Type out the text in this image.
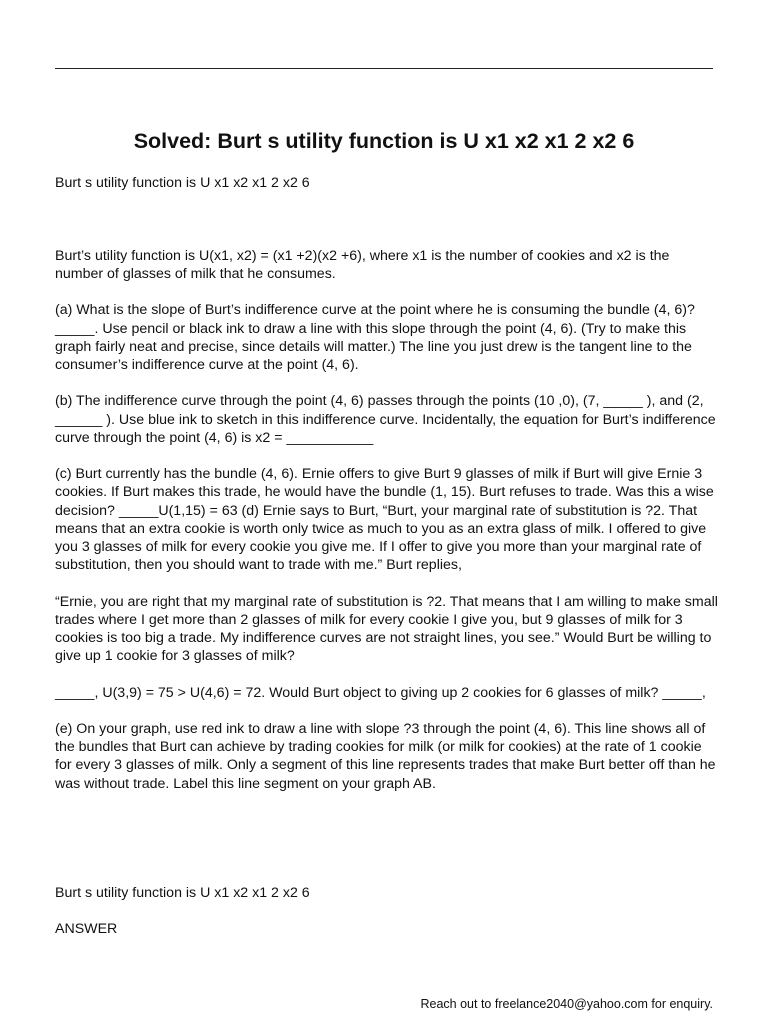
Solved: Burt s utility function is U x1 x2 x1 2 x2 6

Burt s utility function is U x1 x2 x1 2 x2 6

Burt’s utility function is U(x1, x2) = (x1 +2)(x2 +6), where x1 is the number of cookies and x2 is the number of glasses of milk that he consumes.

(a) What is the slope of Burt’s indifference curve at the point where he is consuming the bundle (4, 6)?_____. Use pencil or black ink to draw a line with this slope through the point (4, 6). (Try to make this graph fairly neat and precise, since details will matter.) The line you just drew is the tangent line to the consumer’s indifference curve at the point (4, 6).

(b) The indifference curve through the point (4, 6) passes through the points (10 ,0), (7, _____ ), and (2, ______ ). Use blue ink to sketch in this indifference curve. Incidentally, the equation for Burt’s indifference curve through the point (4, 6) is x2 = ___________

(c) Burt currently has the bundle (4, 6). Ernie offers to give Burt 9 glasses of milk if Burt will give Ernie 3 cookies. If Burt makes this trade, he would have the bundle (1, 15). Burt refuses to trade. Was this a wise decision? _____U(1,15) = 63 (d) Ernie says to Burt, “Burt, your marginal rate of substitution is ?2. That means that an extra cookie is worth only twice as much to you as an extra glass of milk. I offered to give you 3 glasses of milk for every cookie you give me. If I offer to give you more than your marginal rate of substitution, then you should want to trade with me.” Burt replies,

“Ernie, you are right that my marginal rate of substitution is ?2. That means that I am willing to make small trades where I get more than 2 glasses of milk for every cookie I give you, but 9 glasses of milk for 3 cookies is too big a trade. My indifference curves are not straight lines, you see.” Would Burt be willing to give up 1 cookie for 3 glasses of milk?

_____, U(3,9) = 75 > U(4,6) = 72. Would Burt object to giving up 2 cookies for 6 glasses of milk? _____,

(e) On your graph, use red ink to draw a line with slope ?3 through the point (4, 6). This line shows all of the bundles that Burt can achieve by trading cookies for milk (or milk for cookies) at the rate of 1 cookie for every 3 glasses of milk. Only a segment of this line represents trades that make Burt better off than he was without trade. Label this line segment on your graph AB.

Burt s utility function is U x1 x2 x1 2 x2 6

ANSWER

Reach out to freelance2040@yahoo.com for enquiry.
